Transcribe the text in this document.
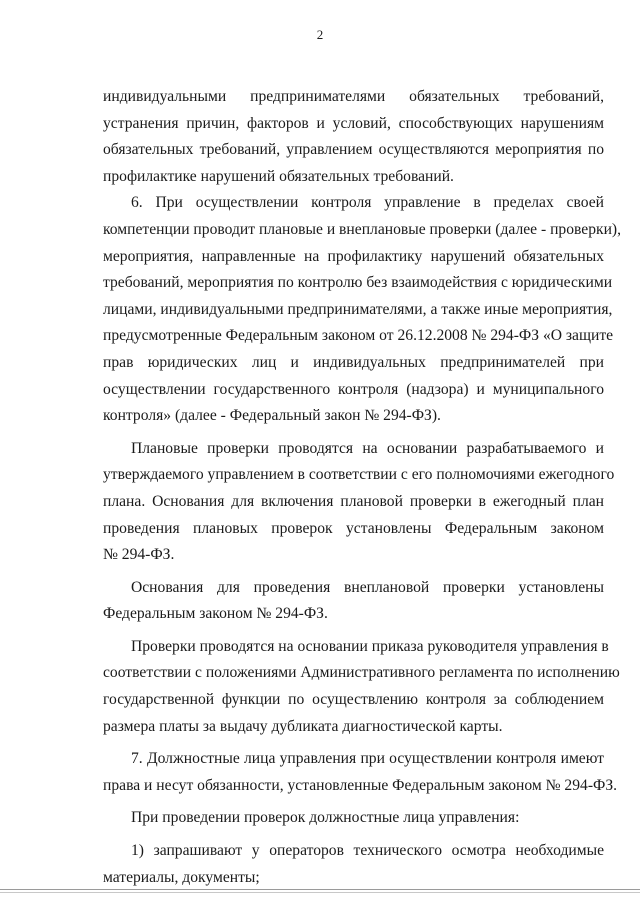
2
индивидуальными предпринимателями обязательных требований,
устранения причин, факторов и условий, способствующих нарушениям
обязательных требований, управлением осуществляются мероприятия по
профилактике нарушений обязательных требований.
6. При осуществлении контроля управление в пределах своей
компетенции проводит плановые и внеплановые проверки (далее - проверки),
мероприятия, направленные на профилактику нарушений обязательных
требований, мероприятия по контролю без взаимодействия с юридическими
лицами, индивидуальными предпринимателями, а также иные мероприятия,
предусмотренные Федеральным законом от 26.12.2008 № 294-ФЗ «О защите
прав юридических лиц и индивидуальных предпринимателей при
осуществлении государственного контроля (надзора) и муниципального
контроля» (далее - Федеральный закон № 294-ФЗ).
Плановые проверки проводятся на основании разрабатываемого и
утверждаемого управлением в соответствии с его полномочиями ежегодного
плана. Основания для включения плановой проверки в ежегодный план
проведения плановых проверок установлены Федеральным законом
№ 294-ФЗ.
Основания для проведения внеплановой проверки установлены
Федеральным законом № 294-ФЗ.
Проверки проводятся на основании приказа руководителя управления в
соответствии с положениями Административного регламента по исполнению
государственной функции по осуществлению контроля за соблюдением
размера платы за выдачу дубликата диагностической карты.
7. Должностные лица управления при осуществлении контроля имеют
права и несут обязанности, установленные Федеральным законом № 294-ФЗ.
При проведении проверок должностные лица управления:
1) запрашивают у операторов технического осмотра необходимые
материалы, документы;
